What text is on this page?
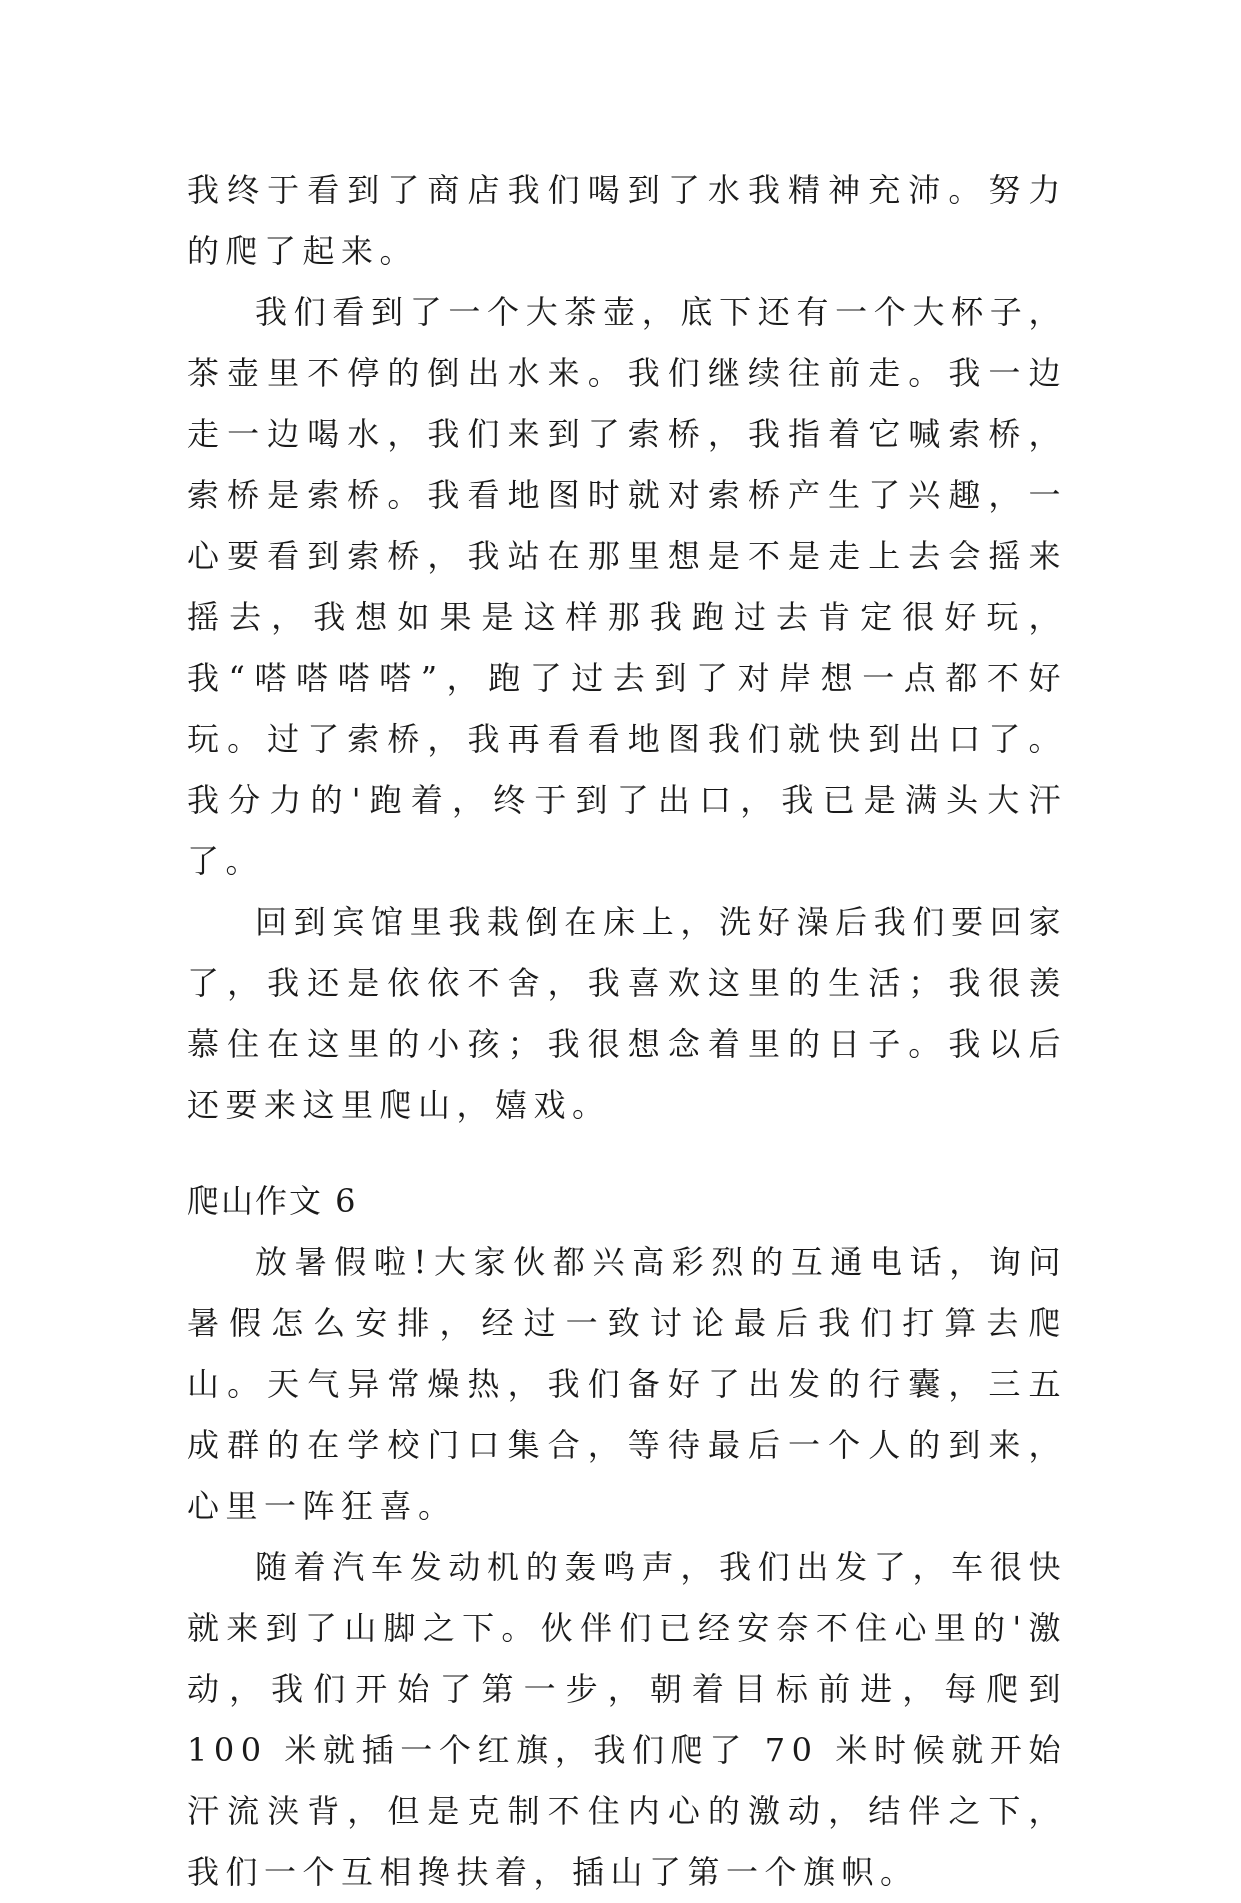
我终于看到了商店我们喝到了水我精神充沛。努力的爬了起来。

我们看到了一个大茶壶，底下还有一个大杯子，茶壶里不停的倒出水来。我们继续往前走。我一边走一边喝水，我们来到了索桥，我指着它喊索桥，索桥是索桥。我看地图时就对索桥产生了兴趣，一心要看到索桥，我站在那里想是不是走上去会摇来摇去，我想如果是这样那我跑过去肯定很好玩，我“嗒嗒嗒嗒”，跑了过去到了对岸想一点都不好玩。过了索桥，我再看看地图我们就快到出口了。我分力的'跑着，终于到了出口，我已是满头大汗了。

回到宾馆里我栽倒在床上，洗好澡后我们要回家了，我还是依依不舍，我喜欢这里的生活；我很羡慕住在这里的小孩；我很想念着里的日子。我以后还要来这里爬山，嬉戏。

爬山作文 6

放暑假啦!大家伙都兴高彩烈的互通电话，询问暑假怎么安排，经过一致讨论最后我们打算去爬山。天气异常燥热，我们备好了出发的行囊，三五成群的在学校门口集合，等待最后一个人的到来，心里一阵狂喜。

随着汽车发动机的轰鸣声，我们出发了，车很快就来到了山脚之下。伙伴们已经安奈不住心里的'激动，我们开始了第一步，朝着目标前进，每爬到 100 米就插一个红旗，我们爬了 70 米时候就开始汗流浃背，但是克制不住内心的激动，结伴之下，我们一个互相搀扶着，插山了第一个旗帜。
